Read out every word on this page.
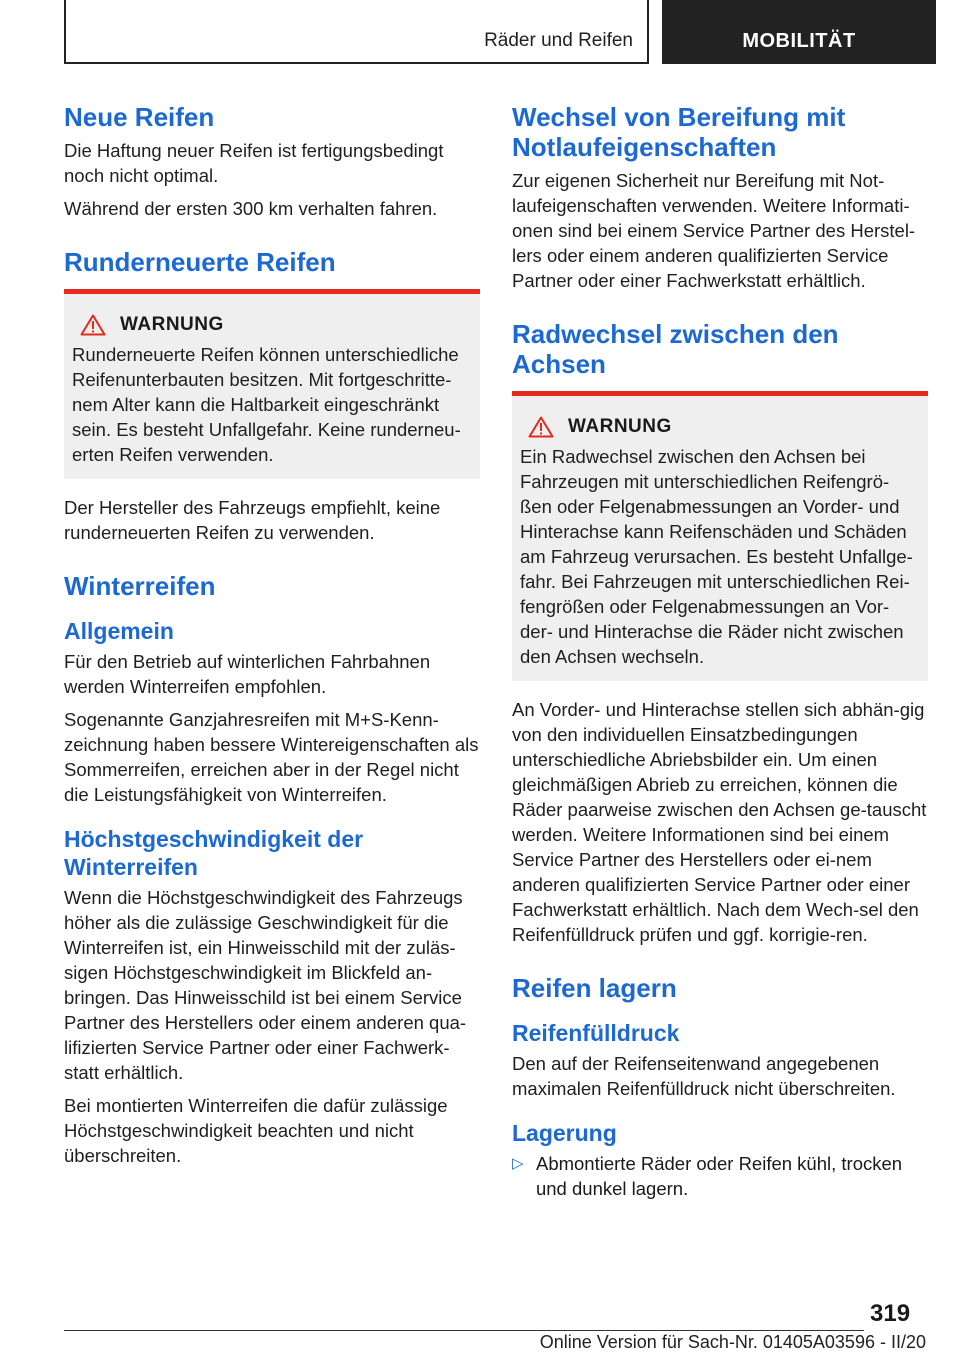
Räder und Reifen	MOBILITÄT
Neue Reifen

Die Haftung neuer Reifen ist fertigungsbedingt noch nicht optimal.

Während der ersten 300 km verhalten fahren.

Runderneuerte Reifen
WARNUNG

Runderneuerte Reifen können unterschiedliche Reifenunterbauten besitzen. Mit fortgeschritte-nem Alter kann die Haltbarkeit eingeschränkt sein. Es besteht Unfallgefahr. Keine runderneu-erten Reifen verwenden.

Der Hersteller des Fahrzeugs empfiehlt, keine runderneuerten Reifen zu verwenden.

Winterreifen
Allgemein

Für den Betrieb auf winterlichen Fahrbahnen werden Winterreifen empfohlen.

Sogenannte Ganzjahresreifen mit M+S-Kenn-zeichnung haben bessere Wintereigenschaften als Sommerreifen, erreichen aber in der Regel nicht die Leistungsfähigkeit von Winterreifen.

Höchstgeschwindigkeit der Winterreifen

Wenn die Höchstgeschwindigkeit des Fahrzeugs höher als die zulässige Geschwindigkeit für die Winterreifen ist, ein Hinweisschild mit der zuläs-sigen Höchstgeschwindigkeit im Blickfeld an-bringen. Das Hinweisschild ist bei einem Service Partner des Herstellers oder einem anderen qua-lifizierten Service Partner oder einer Fachwerk-statt erhältlich.

Bei montierten Winterreifen die dafür zulässige Höchstgeschwindigkeit beachten und nicht überschreiten.

Wechsel von Bereifung mit Notlaufeigenschaften

Zur eigenen Sicherheit nur Bereifung mit Not-laufeigenschaften verwenden. Weitere Informati-onen sind bei einem Service Partner des Herstel-lers oder einem anderen qualifizierten Service Partner oder einer Fachwerkstatt erhältlich.

Radwechsel zwischen den Achsen
WARNUNG

Ein Radwechsel zwischen den Achsen bei Fahrzeugen mit unterschiedlichen Reifengrö-ßen oder Felgenabmessungen an Vorder- und Hinterachse kann Reifenschäden und Schäden am Fahrzeug verursachen. Es besteht Unfallge-fahr. Bei Fahrzeugen mit unterschiedlichen Rei-fengrößen oder Felgenabmessungen an Vor-der- und Hinterachse die Räder nicht zwischen den Achsen wechseln.

An Vorder- und Hinterachse stellen sich abhän-gig von den individuellen Einsatzbedingungen unterschiedliche Abriebsbilder ein. Um einen gleichmäßigen Abrieb zu erreichen, können die Räder paarweise zwischen den Achsen ge-tauscht werden. Weitere Informationen sind bei einem Service Partner des Herstellers oder ei-nem anderen qualifizierten Service Partner oder einer Fachwerkstatt erhältlich. Nach dem Wech-sel den Reifenfülldruck prüfen und ggf. korrigie-ren.

Reifen lagern
Reifenfülldruck

Den auf der Reifenseitenwand angegebenen maximalen Reifenfülldruck nicht überschreiten.

Lagerung
▷ Abmontierte Räder oder Reifen kühl, trocken und dunkel lagern.
319
Online Version für Sach-Nr. 01405A03596 - II/20
